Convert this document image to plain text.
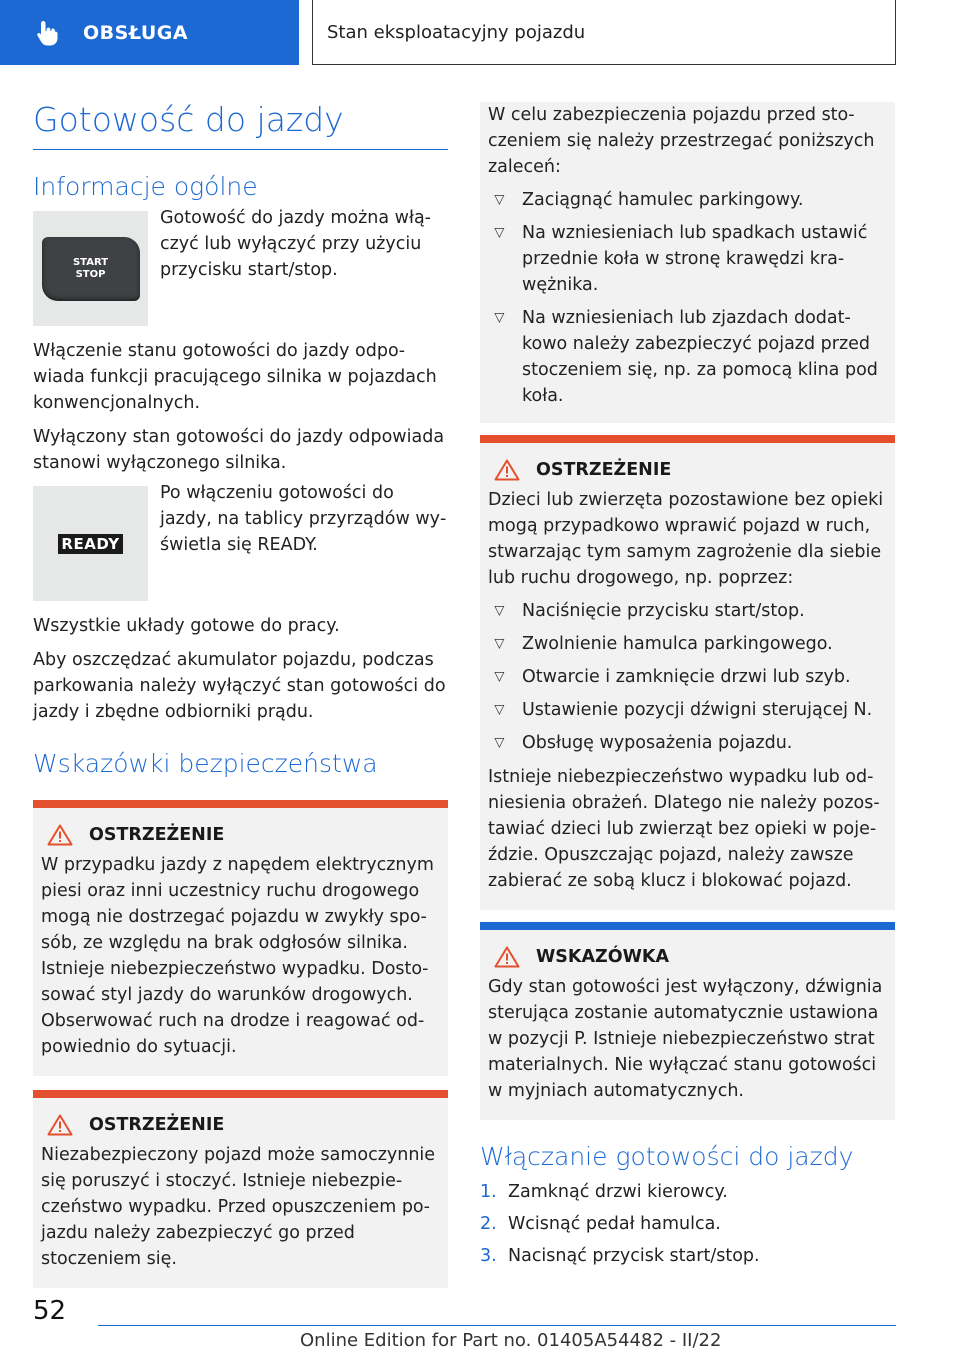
OBSŁUGA	Stan eksploatacyjny pojazdu
Gotowość do jazdy
Informacje ogólne
START
STOP

Gotowość do jazdy można włączyć lub wyłączyć przy użyciu przycisku start/stop.

Włączenie stanu gotowości do jazdy odpowiada funkcji pracującego silnika w pojazdach konwencjonalnych.

Wyłączony stan gotowości do jazdy odpowiada stanowi wyłączonego silnika.

READY

Po włączeniu gotowości do jazdy, na tablicy przyrządów wyświetla się READY.

Wszystkie układy gotowe do pracy.

Aby oszczędzać akumulator pojazdu, podczas parkowania należy wyłączyć stan gotowości do jazdy i zbędne odbiorniki prądu.

Wskazówki bezpieczeństwa
OSTRZEŻENIE

W przypadku jazdy z napędem elektrycznym piesi oraz inni uczestnicy ruchu drogowego mogą nie dostrzegać pojazdu w zwykły sposób, ze względu na brak odgłosów silnika. Istnieje niebezpieczeństwo wypadku. Dostosować styl jazdy do warunków drogowych. Obserwować ruch na drodze i reagować odpowiednio do sytuacji.

OSTRZEŻENIE

Niezabezpieczony pojazd może samoczynnie się poruszyć i stoczyć. Istnieje niebezpieczeństwo wypadku. Przed opuszczeniem pojazdu należy zabezpieczyć go przed stoczeniem się.

W celu zabezpieczenia pojazdu przed stoczeniem się należy przestrzegać poniższych zaleceń:

▷ Zaciągnąć hamulec parkingowy.
▷ Na wzniesieniach lub spadkach ustawić przednie koła w stronę krawędzi krawężnika.
▷ Na wzniesieniach lub zjazdach dodatkowo należy zabezpieczyć pojazd przed stoczeniem się, np. za pomocą klina pod koła.
OSTRZEŻENIE

Dzieci lub zwierzęta pozostawione bez opieki mogą przypadkowo wprawić pojazd w ruch, stwarzając tym samym zagrożenie dla siebie lub ruchu drogowego, np. poprzez:

▷ Naciśnięcie przycisku start/stop.
▷ Zwolnienie hamulca parkingowego.
▷ Otwarcie i zamknięcie drzwi lub szyb.
▷ Ustawienie pozycji dźwigni sterującej N.
▷ Obsługę wyposażenia pojazdu.

Istnieje niebezpieczeństwo wypadku lub odniesienia obrażeń. Dlatego nie należy pozostawiać dzieci lub zwierząt bez opieki w pojeździe. Opuszczając pojazd, należy zawsze zabierać ze sobą klucz i blokować pojazd.

WSKAZÓWKA

Gdy stan gotowości jest wyłączony, dźwignia sterująca zostanie automatycznie ustawiona w pozycji P. Istnieje niebezpieczeństwo strat materialnych. Nie wyłączać stanu gotowości w myjniach automatycznych.

Włączanie gotowości do jazdy
1. Zamknąć drzwi kierowcy.
2. Wcisnąć pedał hamulca.
3. Nacisnąć przycisk start/stop.
52
Online Edition for Part no. 01405A54482 - II/22
